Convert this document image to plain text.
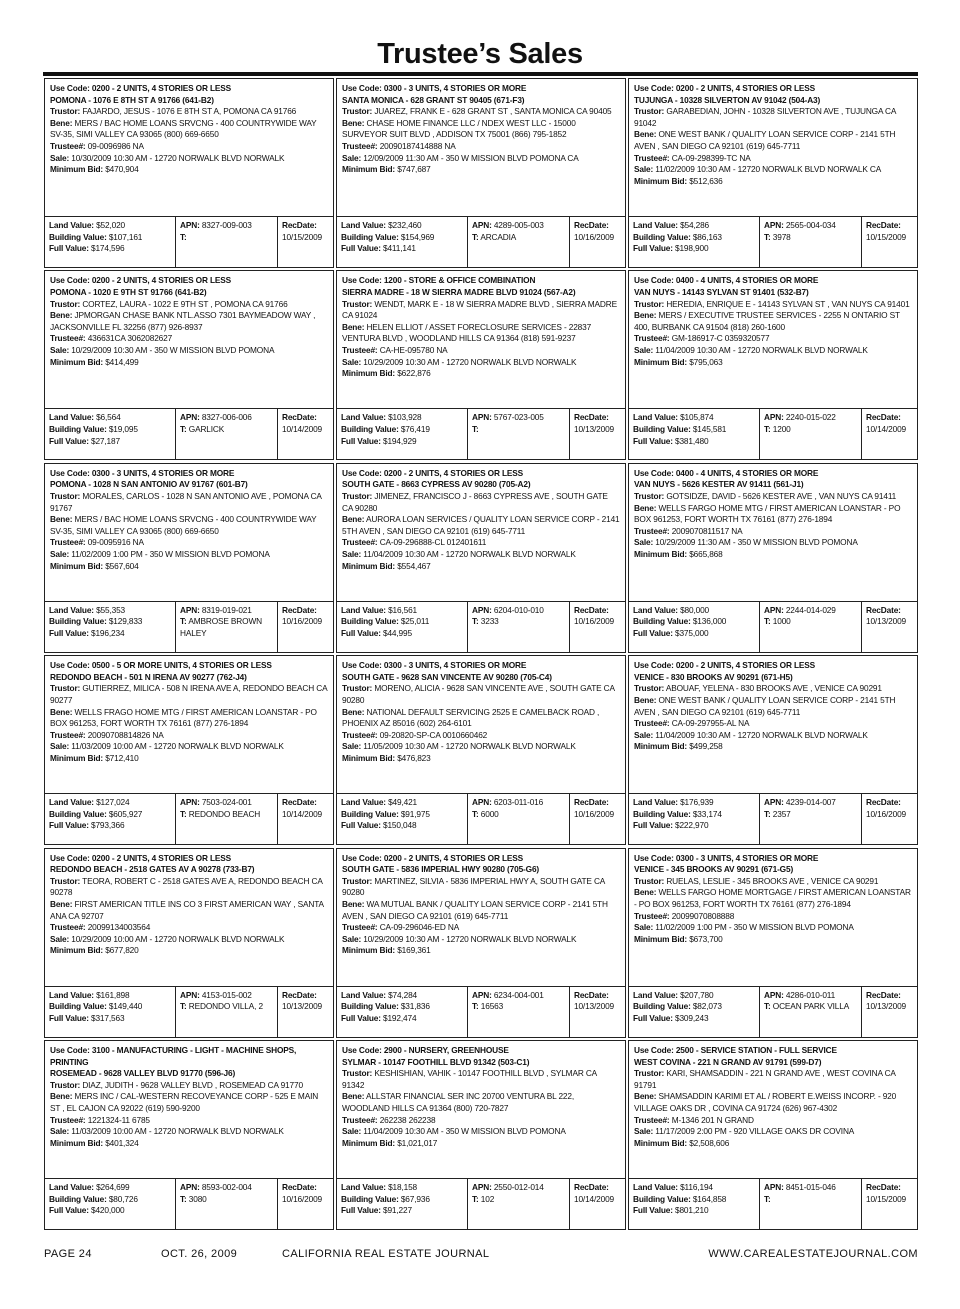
Trustee’s Sales
Use Code: 0200 - 2 UNITS, 4 STORIES OR LESS
POMONA - 1076 E 8TH ST A 91766 (641-B2)
Trustor: FAJARDO, JESUS - 1076 E 8TH ST A, POMONA CA 91766
Bene: MERS / BAC HOME LOANS SRVCNG - 400 COUNTRYWIDE WAY SV-35, SIMI VALLEY CA 93065 (800) 669-6650
Trustee#: 09-0096986 NA
Sale: 10/30/2009 10:30 AM - 12720 NORWALK BLVD NORWALK
Minimum Bid: $470,904
Land Value: $52,020
Building Value: $107,161
Full Value: $174,596
APN: 8327-009-003
T:
RecDate:
10/15/2009
Use Code: 0300 - 3 UNITS, 4 STORIES OR MORE
SANTA MONICA - 628 GRANT ST 90405 (671-F3)
Trustor: JUAREZ, FRANK E - 628 GRANT ST , SANTA MONICA CA 90405
Bene: CHASE HOME FINANCE LLC / NDEX WEST LLC - 15000 SURVEYOR SUIT BLVD , ADDISON TX 75001 (866) 795-1852
Trustee#: 20090187414888 NA
Sale: 12/09/2009 11:30 AM - 350 W MISSION BLVD POMONA CA
Minimum Bid: $747,687
Land Value: $232,460
Building Value: $154,969
Full Value: $411,141
APN: 4289-005-003
T: ARCADIA
RecDate:
10/16/2009
Use Code: 0200 - 2 UNITS, 4 STORIES OR LESS
TUJUNGA - 10328 SILVERTON AV 91042 (504-A3)
Trustor: GARABEDIAN, JOHN - 10328 SILVERTON AVE , TUJUNGA CA 91042
Bene: ONE WEST BANK / QUALITY LOAN SERVICE CORP - 2141 5TH AVEN , SAN DIEGO CA 92101 (619) 645-7711
Trustee#: CA-09-298399-TC NA
Sale: 11/02/2009 10:30 AM - 12720 NORWALK BLVD NORWALK CA
Minimum Bid: $512,636
Land Value: $54,286
Building Value: $86,163
Full Value: $198,900
APN: 2565-004-034
T: 3978
RecDate:
10/15/2009
Use Code: 0200 - 2 UNITS, 4 STORIES OR LESS
POMONA - 1020 E 9TH ST 91766 (641-B2)
Trustor: CORTEZ, LAURA - 1022 E 9TH ST , POMONA CA 91766
Bene: JPMORGAN CHASE BANK NTL.ASSO 7301 BAYMEADOW WAY , JACKSONVILLE FL 32256 (877) 926-8937
Trustee#: 436631CA 3062082627
Sale: 10/29/2009 10:30 AM - 350 W MISSION BLVD POMONA
Minimum Bid: $414,499
Land Value: $6,564
Building Value: $19,095
Full Value: $27,187
APN: 8327-006-006
T: GARLICK
RecDate:
10/14/2009
Use Code: 1200 - STORE & OFFICE COMBINATION
SIERRA MADRE - 18 W SIERRA MADRE BLVD 91024 (567-A2)
Trustor: WENDT, MARK E - 18 W SIERRA MADRE BLVD , SIERRA MADRE CA 91024
Bene: HELEN ELLIOT / ASSET FORECLOSURE SERVICES - 22837 VENTURA BLVD , WOODLAND HILLS CA 91364 (818) 591-9237
Trustee#: CA-HE-095780 NA
Sale: 10/29/2009 10:30 AM - 12720 NORWALK BLVD NORWALK
Minimum Bid: $622,876
Land Value: $103,928
Building Value: $76,419
Full Value: $194,929
APN: 5767-023-005
T:
RecDate:
10/13/2009
Use Code: 0400 - 4 UNITS, 4 STORIES OR MORE
VAN NUYS - 14143 SYLVAN ST 91401 (532-B7)
Trustor: HEREDIA, ENRIQUE E - 14143 SYLVAN ST , VAN NUYS CA 91401
Bene: MERS / EXECUTIVE TRUSTEE SERVICES - 2255 N ONTARIO ST 400, BURBANK CA 91504 (818) 260-1600
Trustee#: GM-186917-C 0359320577
Sale: 11/04/2009 10:30 AM - 12720 NORWALK BLVD NORWALK
Minimum Bid: $795,063
Land Value: $105,874
Building Value: $145,581
Full Value: $381,480
APN: 2240-015-022
T: 1200
RecDate:
10/14/2009
Use Code: 0300 - 3 UNITS, 4 STORIES OR MORE
POMONA - 1028 N SAN ANTONIO AV 91767 (601-B7)
Trustor: MORALES, CARLOS - 1028 N SAN ANTONIO AVE , POMONA CA 91767
Bene: MERS / BAC HOME LOANS SRVCNG - 400 COUNTRYWIDE WAY SV-35, SIMI VALLEY CA 93065 (800) 669-6650
Trustee#: 09-0095916 NA
Sale: 11/02/2009 1:00 PM - 350 W MISSION BLVD POMONA
Minimum Bid: $567,604
Land Value: $55,353
Building Value: $129,833
Full Value: $196,234
APN: 8319-019-021
T: AMBROSE BROWN HALEY
RecDate:
10/16/2009
Use Code: 0200 - 2 UNITS, 4 STORIES OR LESS
SOUTH GATE - 8663 CYPRESS AV 90280 (705-A2)
Trustor: JIMENEZ, FRANCISCO J - 8663 CYPRESS AVE , SOUTH GATE CA 90280
Bene: AURORA LOAN SERVICES / QUALITY LOAN SERVICE CORP - 2141 5TH AVEN , SAN DIEGO CA 92101 (619) 645-7711
Trustee#: CA-09-296888-CL 012401611
Sale: 11/04/2009 10:30 AM - 12720 NORWALK BLVD NORWALK
Minimum Bid: $554,467
Land Value: $16,561
Building Value: $25,011
Full Value: $44,995
APN: 6204-010-010
T: 3233
RecDate:
10/16/2009
Use Code: 0400 - 4 UNITS, 4 STORIES OR MORE
VAN NUYS - 5626 KESTER AV 91411 (561-J1)
Trustor: GOTSIDZE, DAVID - 5626 KESTER AVE , VAN NUYS CA 91411
Bene: WELLS FARGO HOME MTG / FIRST AMERICAN LOANSTAR - PO BOX 961253, FORT WORTH TX 76161 (877) 276-1894
Trustee#: 2009070811517 NA
Sale: 10/29/2009 11:30 AM - 350 W MISSION BLVD POMONA
Minimum Bid: $665,868
Land Value: $80,000
Building Value: $136,000
Full Value: $375,000
APN: 2244-014-029
T: 1000
RecDate:
10/13/2009
Use Code: 0500 - 5 OR MORE UNITS, 4 STORIES OR LESS
REDONDO BEACH - 501 N IRENA AV 90277 (762-J4)
Trustor: GUTIERREZ, MILICA - 508 N IRENA AVE A, REDONDO BEACH CA 90277
Bene: WELLS FRAGO HOME MTG / FIRST AMERICAN LOANSTAR - PO BOX 961253, FORT WORTH TX 76161 (877) 276-1894
Trustee#: 20090708814826 NA
Sale: 11/03/2009 10:00 AM - 12720 NORWALK BLVD NORWALK
Minimum Bid: $712,410
Land Value: $127,024
Building Value: $605,927
Full Value: $793,366
APN: 7503-024-001
T: REDONDO BEACH
RecDate:
10/14/2009
Use Code: 0300 - 3 UNITS, 4 STORIES OR MORE
SOUTH GATE - 9628 SAN VINCENTE AV 90280 (705-C4)
Trustor: MORENO, ALICIA - 9628 SAN VINCENTE AVE , SOUTH GATE CA 90280
Bene: NATIONAL DEFAULT SERVICING 2525 E CAMELBACK ROAD , PHOENIX AZ 85016 (602) 264-6101
Trustee#: 09-20820-SP-CA 0010660462
Sale: 11/05/2009 10:30 AM - 12720 NORWALK BLVD NORWALK
Minimum Bid: $476,823
Land Value: $49,421
Building Value: $91,975
Full Value: $150,048
APN: 6203-011-016
T: 6000
RecDate:
10/16/2009
Use Code: 0200 - 2 UNITS, 4 STORIES OR LESS
VENICE - 830 BROOKS AV 90291 (671-H5)
Trustor: ABOUAF, YELENA - 830 BROOKS AVE , VENICE CA 90291
Bene: ONE WEST BANK / QUALITY LOAN SERVICE CORP - 2141 5TH AVEN , SAN DIEGO CA 92101 (619) 645-7711
Trustee#: CA-09-297955-AL NA
Sale: 11/04/2009 10:30 AM - 12720 NORWALK BLVD NORWALK
Minimum Bid: $499,258
Land Value: $176,939
Building Value: $33,174
Full Value: $222,970
APN: 4239-014-007
T: 2357
RecDate:
10/16/2009
Use Code: 0200 - 2 UNITS, 4 STORIES OR LESS
REDONDO BEACH - 2518 GATES AV A 90278 (733-B7)
Trustor: TEORA, ROBERT C - 2518 GATES AVE A, REDONDO BEACH CA 90278
Bene: FIRST AMERICAN TITLE INS CO 3 FIRST AMERICAN WAY , SANTA ANA CA 92707
Trustee#: 20099134003564
Sale: 10/29/2009 10:00 AM - 12720 NORWALK BLVD NORWALK
Minimum Bid: $677,820
Land Value: $161,898
Building Value: $149,440
Full Value: $317,563
APN: 4153-015-002
T: REDONDO VILLA, 2
RecDate:
10/13/2009
Use Code: 0200 - 2 UNITS, 4 STORIES OR LESS
SOUTH GATE - 5836 IMPERIAL HWY 90280 (705-G6)
Trustor: MARTINEZ, SILVIA - 5836 IMPERIAL HWY A, SOUTH GATE CA 90280
Bene: WA MUTUAL BANK / QUALITY LOAN SERVICE CORP - 2141 5TH AVEN , SAN DIEGO CA 92101 (619) 645-7711
Trustee#: CA-09-296046-ED NA
Sale: 10/29/2009 10:30 AM - 12720 NORWALK BLVD NORWALK
Minimum Bid: $169,361
Land Value: $74,284
Building Value: $31,836
Full Value: $192,474
APN: 6234-004-001
T: 16563
RecDate:
10/13/2009
Use Code: 0300 - 3 UNITS, 4 STORIES OR MORE
VENICE - 345 BROOKS AV 90291 (671-G5)
Trustor: RUELAS, LESLIE - 345 BROOKS AVE , VENICE CA 90291
Bene: WELLS FARGO HOME MORTGAGE / FIRST AMERICAN LOANSTAR - PO BOX 961253, FORT WORTH TX 76161 (877) 276-1894
Trustee#: 20099070808888
Sale: 11/02/2009 1:00 PM - 350 W MISSION BLVD POMONA
Minimum Bid: $673,700
Land Value: $207,780
Building Value: $82,073
Full Value: $309,243
APN: 4286-010-011
T: OCEAN PARK VILLA
RecDate:
10/13/2009
Use Code: 3100 - MANUFACTURING - LIGHT - MACHINE SHOPS, PRINTING
ROSEMEAD - 9628 VALLEY BLVD 91770 (596-J6)
Trustor: DIAZ, JUDITH - 9628 VALLEY BLVD , ROSEMEAD CA 91770
Bene: MERS INC / CAL-WESTERN RECOVEYANCE CORP - 525 E MAIN ST , EL CAJON CA 92022 (619) 590-9200
Trustee#: 1221324-11 6785
Sale: 11/03/2009 10:00 AM - 12720 NORWALK BLVD NORWALK
Minimum Bid: $401,324
Land Value: $264,699
Building Value: $80,726
Full Value: $420,000
APN: 8593-002-004
T: 3080
RecDate:
10/16/2009
Use Code: 2900 - NURSERY, GREENHOUSE
SYLMAR - 10147 FOOTHILL BLVD 91342 (503-C1)
Trustor: KESHISHIAN, VAHIK - 10147 FOOTHILL BLVD , SYLMAR CA 91342
Bene: ALLSTAR FINANCIAL SER INC 20700 VENTURA BL 222, WOODLAND HILLS CA 91364 (800) 720-7827
Trustee#: 262238 262238
Sale: 11/04/2009 10:30 AM - 350 W MISSION BLVD POMONA
Minimum Bid: $1,021,017
Land Value: $18,158
Building Value: $67,936
Full Value: $91,227
APN: 2550-012-014
T: 102
RecDate:
10/14/2009
Use Code: 2500 - SERVICE STATION - FULL SERVICE
WEST COVINA - 221 N GRAND AV 91791 (599-D7)
Trustor: KARI, SHAMSADDIN - 221 N GRAND AVE , WEST COVINA CA 91791
Bene: SHAMSADDIN KARIMI ET AL / ROBERT E.WEISS INCORP. - 920 VILLAGE OAKS DR , COVINA CA 91724 (626) 967-4302
Trustee#: M-1346 201 N GRAND
Sale: 11/17/2009 2:00 PM - 920 VILLAGE OAKS DR COVINA
Minimum Bid: $2,508,606
Land Value: $116,194
Building Value: $164,858
Full Value: $801,210
APN: 8451-015-046
T:
RecDate:
10/15/2009
PAGE 24	OCT. 26, 2009	CALIFORNIA REAL ESTATE JOURNAL	WWW.CAREALESTATEJOURNAL.COM
